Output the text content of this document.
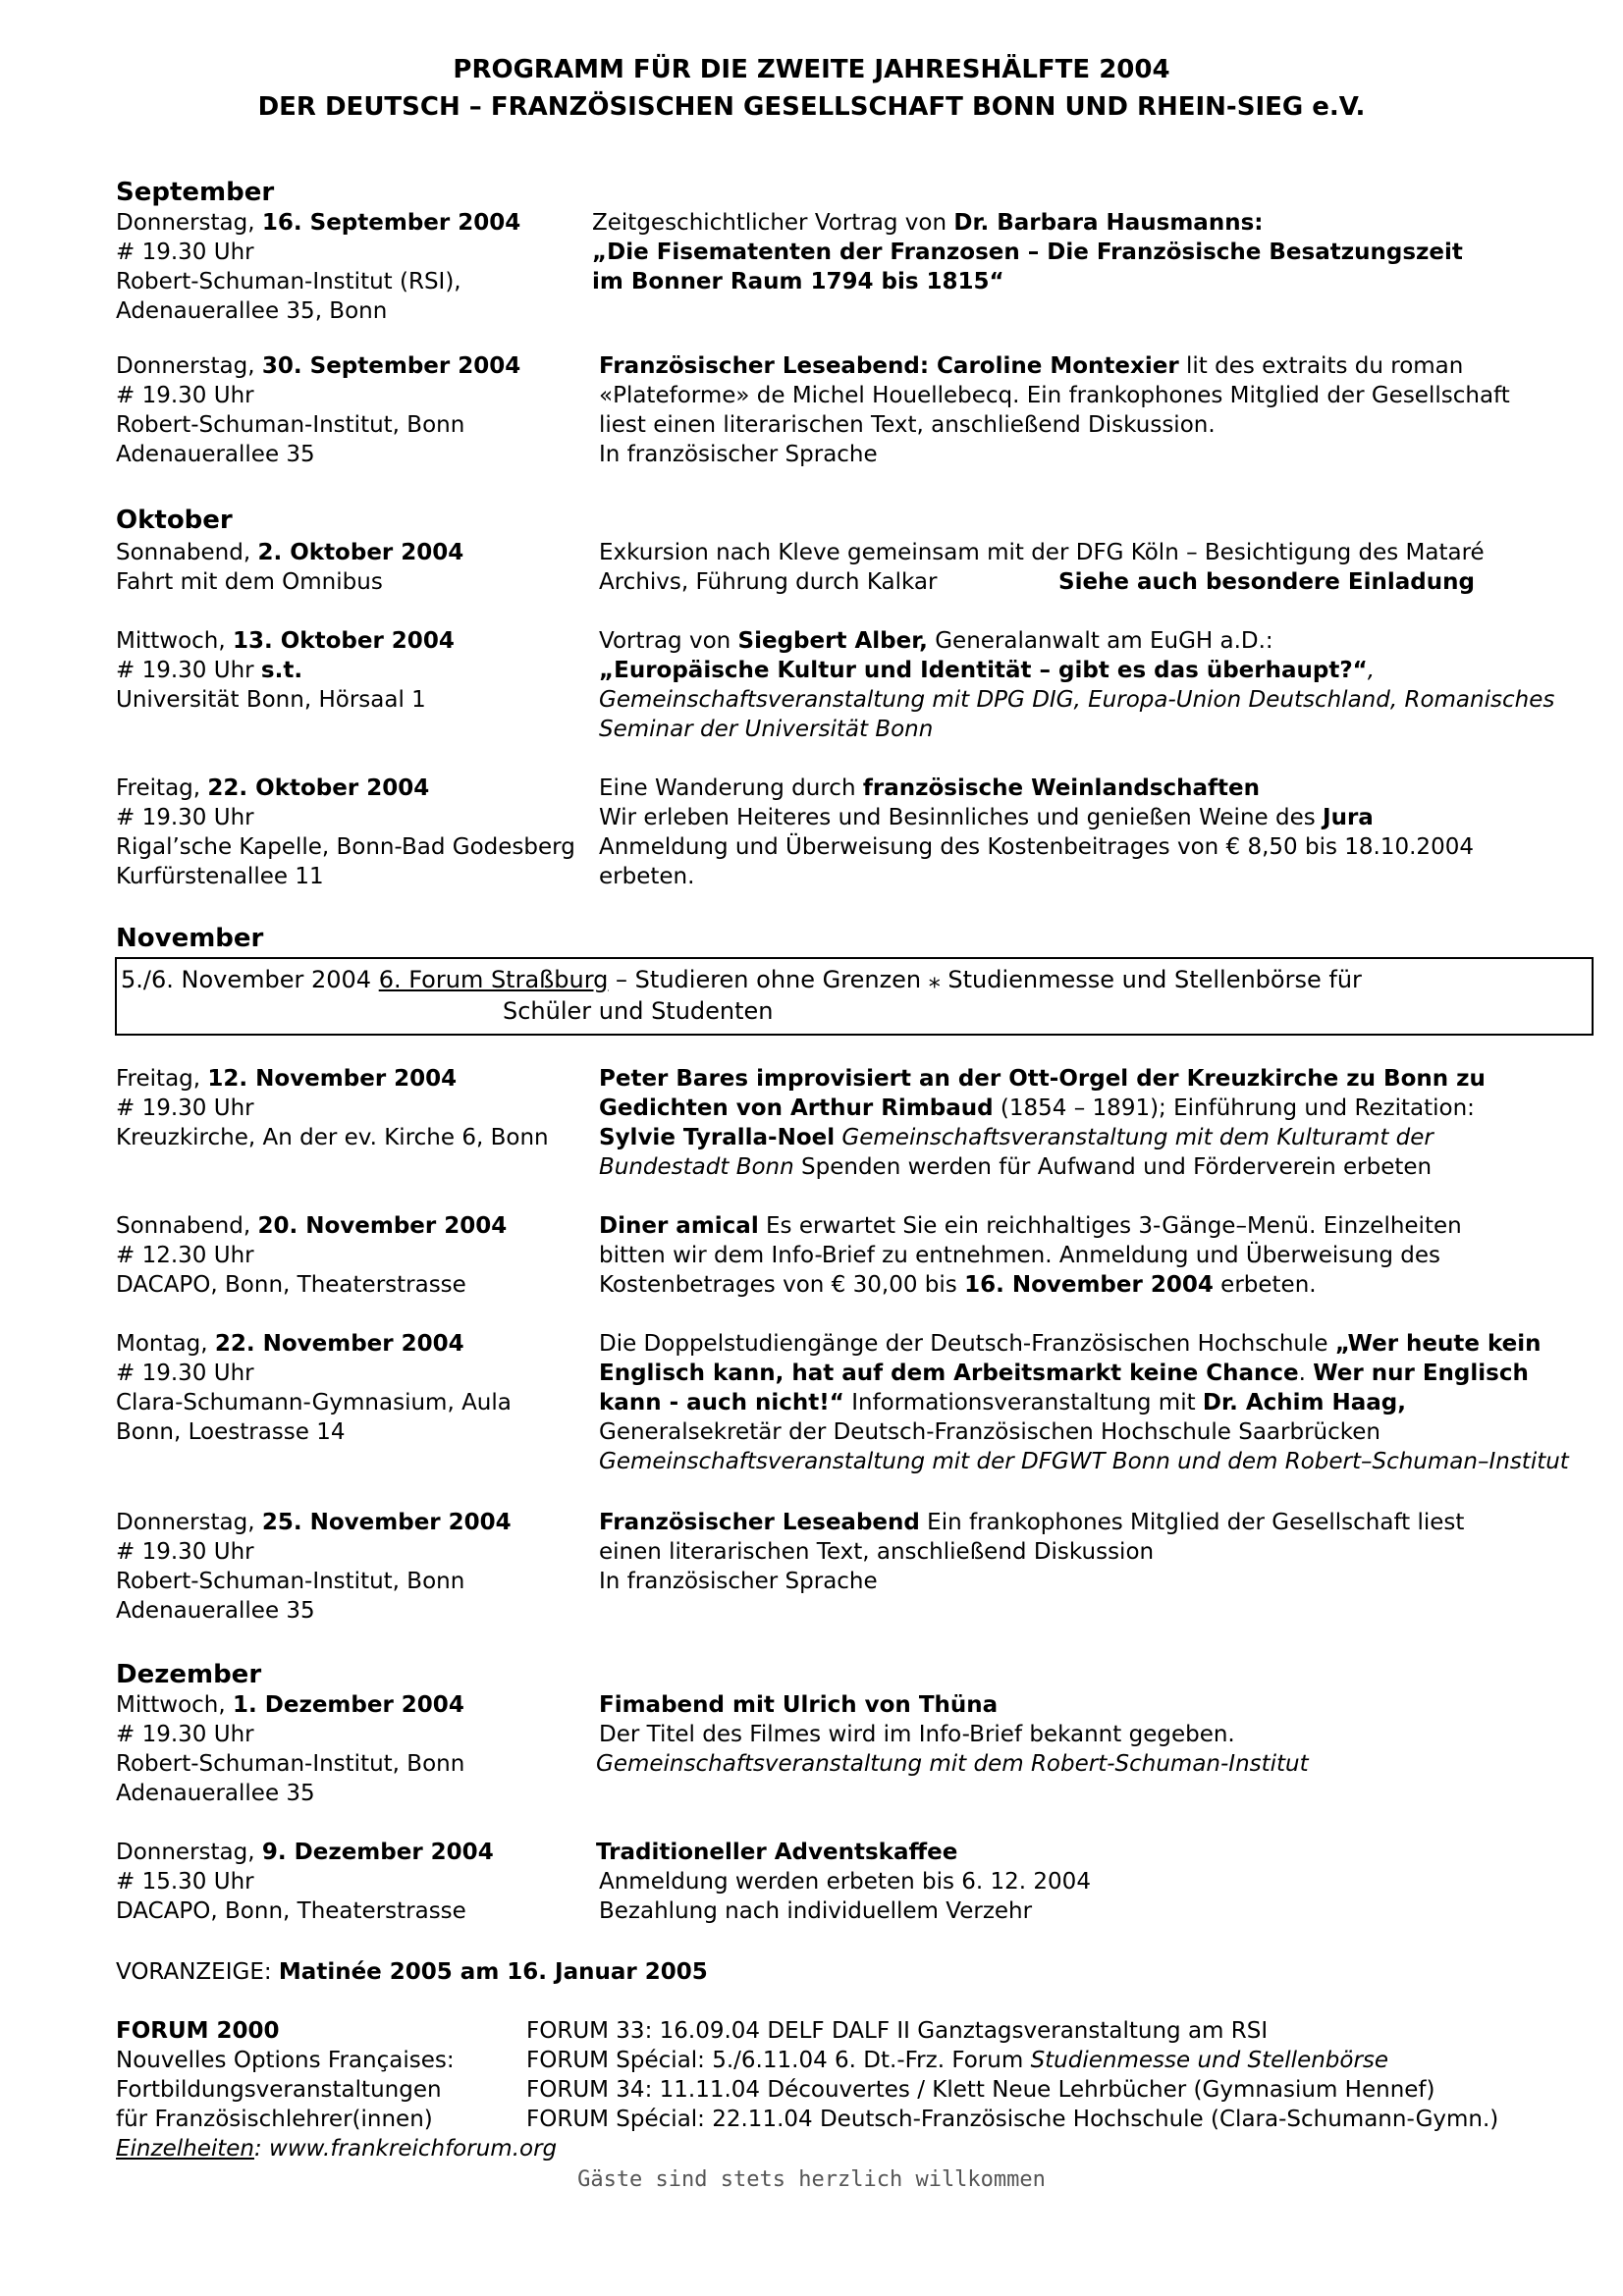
PROGRAMM FÜR DIE ZWEITE JAHRESHÄLFTE 2004
DER DEUTSCH – FRANZÖSISCHEN GESELLSCHAFT BONN UND RHEIN-SIEG e.V.
September
Donnerstag, 16. September 2004
# 19.30 Uhr
Robert-Schuman-Institut (RSI),
Adenauerallee 35, Bonn
Zeitgeschichtlicher Vortrag von Dr. Barbara Hausmanns:
„Die Fisematenten der Franzosen – Die Französische Besatzungszeit
im Bonner Raum 1794 bis 1815“
Donnerstag, 30. September 2004
# 19.30 Uhr
Robert-Schuman-Institut, Bonn
Adenauerallee 35
Französischer Leseabend: Caroline Montexier lit des extraits du roman
«Plateforme» de Michel Houellebecq. Ein frankophones Mitglied der Gesellschaft
liest einen literarischen Text, anschließend Diskussion.
In französischer Sprache
Oktober
Sonnabend, 2. Oktober 2004
Fahrt mit dem Omnibus
Exkursion nach Kleve gemeinsam mit der DFG Köln – Besichtigung des Mataré
Archivs, Führung durch Kalkar	Siehe auch besondere Einladung
Mittwoch, 13. Oktober 2004
# 19.30 Uhr s.t.
Universität Bonn, Hörsaal 1
Vortrag von Siegbert Alber, Generalanwalt am EuGH a.D.:
„Europäische Kultur und Identität – gibt es das überhaupt?“,
Gemeinschaftsveranstaltung mit DPG DIG, Europa-Union Deutschland, Romanisches
Seminar der Universität Bonn
Freitag, 22. Oktober 2004
# 19.30 Uhr
Rigal’sche Kapelle, Bonn-Bad Godesberg
Kurfürstenallee 11
Eine Wanderung durch französische Weinlandschaften
Wir erleben Heiteres und Besinnliches und genießen Weine des Jura
Anmeldung und Überweisung des Kostenbeitrages von € 8,50 bis 18.10.2004
erbeten.
November
5./6. November 2004 6. Forum Straßburg – Studieren ohne Grenzen ⁎ Studienmesse und Stellenbörse für
Schüler und Studenten
Freitag, 12. November 2004
# 19.30 Uhr
Kreuzkirche, An der ev. Kirche 6, Bonn
Peter Bares improvisiert an der Ott-Orgel der Kreuzkirche zu Bonn zu
Gedichten von Arthur Rimbaud (1854 – 1891); Einführung und Rezitation:
Sylvie Tyralla-Noel Gemeinschaftsveranstaltung mit dem Kulturamt der
Bundestadt Bonn Spenden werden für Aufwand und Förderverein erbeten
Sonnabend, 20. November 2004
# 12.30 Uhr
DACAPO, Bonn, Theaterstrasse
Diner amical Es erwartet Sie ein reichhaltiges 3-Gänge–Menü. Einzelheiten
bitten wir dem Info-Brief zu entnehmen. Anmeldung und Überweisung des
Kostenbetrages von € 30,00 bis 16. November 2004 erbeten.
Montag, 22. November 2004
# 19.30 Uhr
Clara-Schumann-Gymnasium, Aula
Bonn, Loestrasse 14
Die Doppelstudiengänge der Deutsch-Französischen Hochschule „Wer heute kein
Englisch kann, hat auf dem Arbeitsmarkt keine Chance. Wer nur Englisch
kann - auch nicht!“ Informationsveranstaltung mit Dr. Achim Haag,
Generalsekretär der Deutsch-Französischen Hochschule Saarbrücken
Gemeinschaftsveranstaltung mit der DFGWT Bonn und dem Robert–Schuman–Institut
Donnerstag, 25. November 2004
# 19.30 Uhr
Robert-Schuman-Institut, Bonn
Adenauerallee 35
Französischer Leseabend Ein frankophones Mitglied der Gesellschaft liest
einen literarischen Text, anschließend Diskussion
In französischer Sprache
Dezember
Mittwoch, 1. Dezember 2004
# 19.30 Uhr
Robert-Schuman-Institut, Bonn
Adenauerallee 35
Fimabend mit Ulrich von Thüna
Der Titel des Filmes wird im Info-Brief bekannt gegeben.
Gemeinschaftsveranstaltung mit dem Robert-Schuman-Institut
Donnerstag, 9. Dezember 2004
# 15.30 Uhr
DACAPO, Bonn, Theaterstrasse
Traditioneller Adventskaffee
Anmeldung werden erbeten bis 6. 12. 2004
Bezahlung nach individuellem Verzehr
VORANZEIGE: Matinée 2005 am 16. Januar 2005
FORUM 2000
Nouvelles Options Françaises:
Fortbildungsveranstaltungen
für Französischlehrer(innen)
Einzelheiten: www.frankreichforum.org
FORUM 33: 16.09.04 DELF DALF II Ganztagsveranstaltung am RSI
FORUM Spécial: 5./6.11.04 6. Dt.-Frz. Forum Studienmesse und Stellenbörse
FORUM 34: 11.11.04 Découvertes / Klett Neue Lehrbücher (Gymnasium Hennef)
FORUM Spécial: 22.11.04 Deutsch-Französische Hochschule (Clara-Schumann-Gymn.)
Gäste sind stets herzlich willkommen
